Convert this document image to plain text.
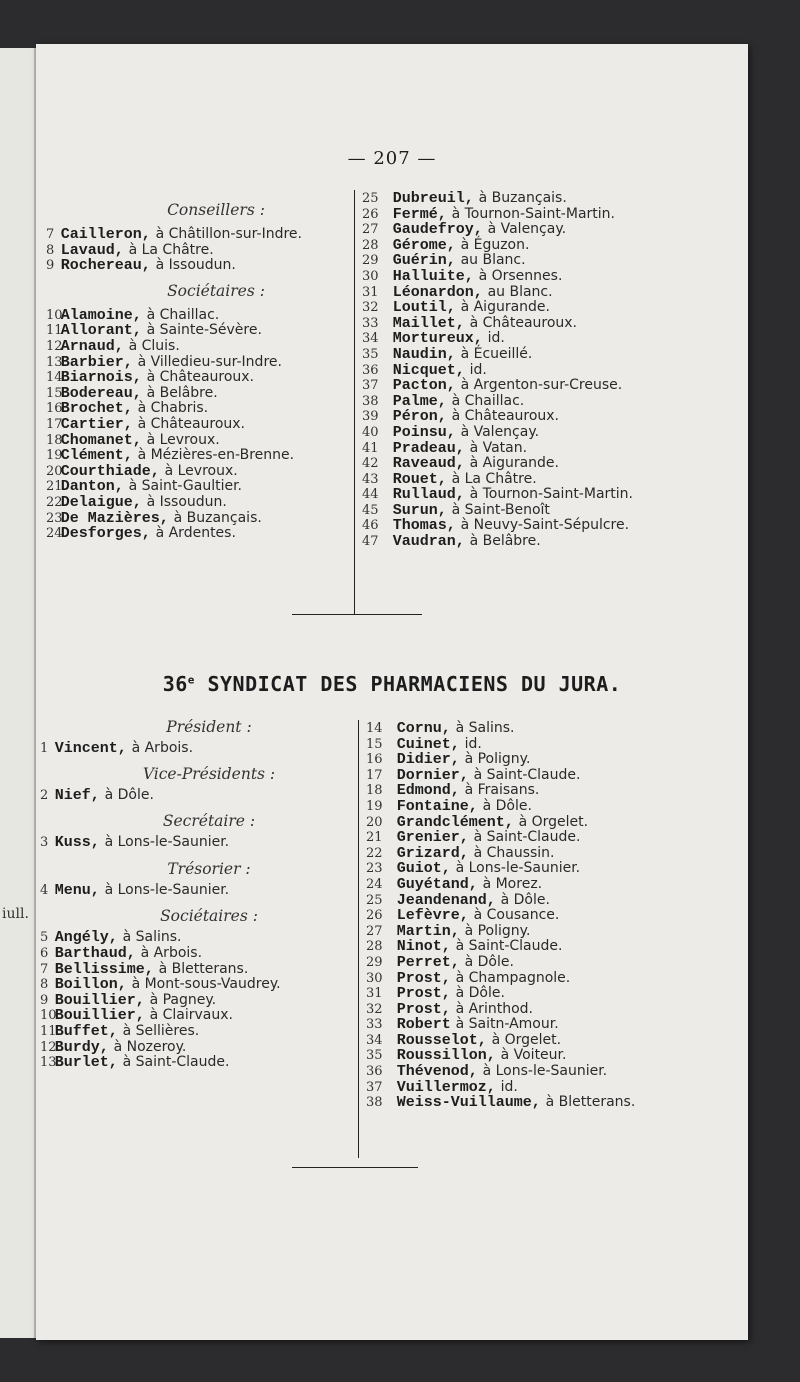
iull.
— 207 —
Conseillers :
7 Cailleron, à Châtillon-sur-Indre.
8 Lavaud, à La Châtre.
9 Rochereau, à Issoudun.
Sociétaires :
10 Alamoine, à Chaillac.
11 Allorant, à Sainte-Sévère.
12 Arnaud, à Cluis.
13 Barbier, à Villedieu-sur-Indre.
14 Biarnois, à Châteauroux.
15 Bodereau, à Belâbre.
16 Brochet, à Chabris.
17 Cartier, à Châteauroux.
18 Chomanet, à Levroux.
19 Clément, à Mézières-en-Brenne.
20 Courthiade, à Levroux.
21 Danton, à Saint-Gaultier.
22 Delaigue, à Issoudun.
23 De Mazières, à Buzançais.
24 Desforges, à Ardentes.
25 Dubreuil, à Buzançais.
26 Fermé, à Tournon-Saint-Martin.
27 Gaudefroy, à Valençay.
28 Gérome, à Éguzon.
29 Guérin, au Blanc.
30 Halluite, à Orsennes.
31 Léonardon, au Blanc.
32 Loutil, à Aigurande.
33 Maillet, à Châteauroux.
34 Mortureux, id.
35 Naudin, à Écueillé.
36 Nicquet, id.
37 Pacton, à Argenton-sur-Creuse.
38 Palme, à Chaillac.
39 Péron, à Châteauroux.
40 Poinsu, à Valençay.
41 Pradeau, à Vatan.
42 Raveaud, à Aigurande.
43 Rouet, à La Châtre.
44 Rullaud, à Tournon-Saint-Martin.
45 Surun, à Saint-Benoît
46 Thomas, à Neuvy-Saint-Sépulcre.
47 Vaudran, à Belâbre.
36e SYNDICAT DES PHARMACIENS DU JURA.
Président :
1 Vincent, à Arbois.
Vice-Présidents :
2 Nief, à Dôle.
Secrétaire :
3 Kuss, à Lons-le-Saunier.
Trésorier :
4 Menu, à Lons-le-Saunier.
Sociétaires :
5 Angély, à Salins.
6 Barthaud, à Arbois.
7 Bellissime, à Bletterans.
8 Boillon, à Mont-sous-Vaudrey.
9 Bouillier, à Pagney.
10 Bouillier, à Clairvaux.
11 Buffet, à Sellières.
12 Burdy, à Nozeroy.
13 Burlet, à Saint-Claude.
14 Cornu, à Salins.
15 Cuinet, id.
16 Didier, à Poligny.
17 Dornier, à Saint-Claude.
18 Edmond, à Fraisans.
19 Fontaine, à Dôle.
20 Grandclément, à Orgelet.
21 Grenier, à Saint-Claude.
22 Grizard, à Chaussin.
23 Guiot, à Lons-le-Saunier.
24 Guyétand, à Morez.
25 Jeandenand, à Dôle.
26 Lefèvre, à Cousance.
27 Martin, à Poligny.
28 Ninot, à Saint-Claude.
29 Perret, à Dôle.
30 Prost, à Champagnole.
31 Prost, à Dôle.
32 Prost, à Arinthod.
33 Robert à Saitn-Amour.
34 Rousselot, à Orgelet.
35 Roussillon, à Voiteur.
36 Thévenod, à Lons-le-Saunier.
37 Vuillermoz, id.
38 Weiss-Vuillaume, à Bletterans.
